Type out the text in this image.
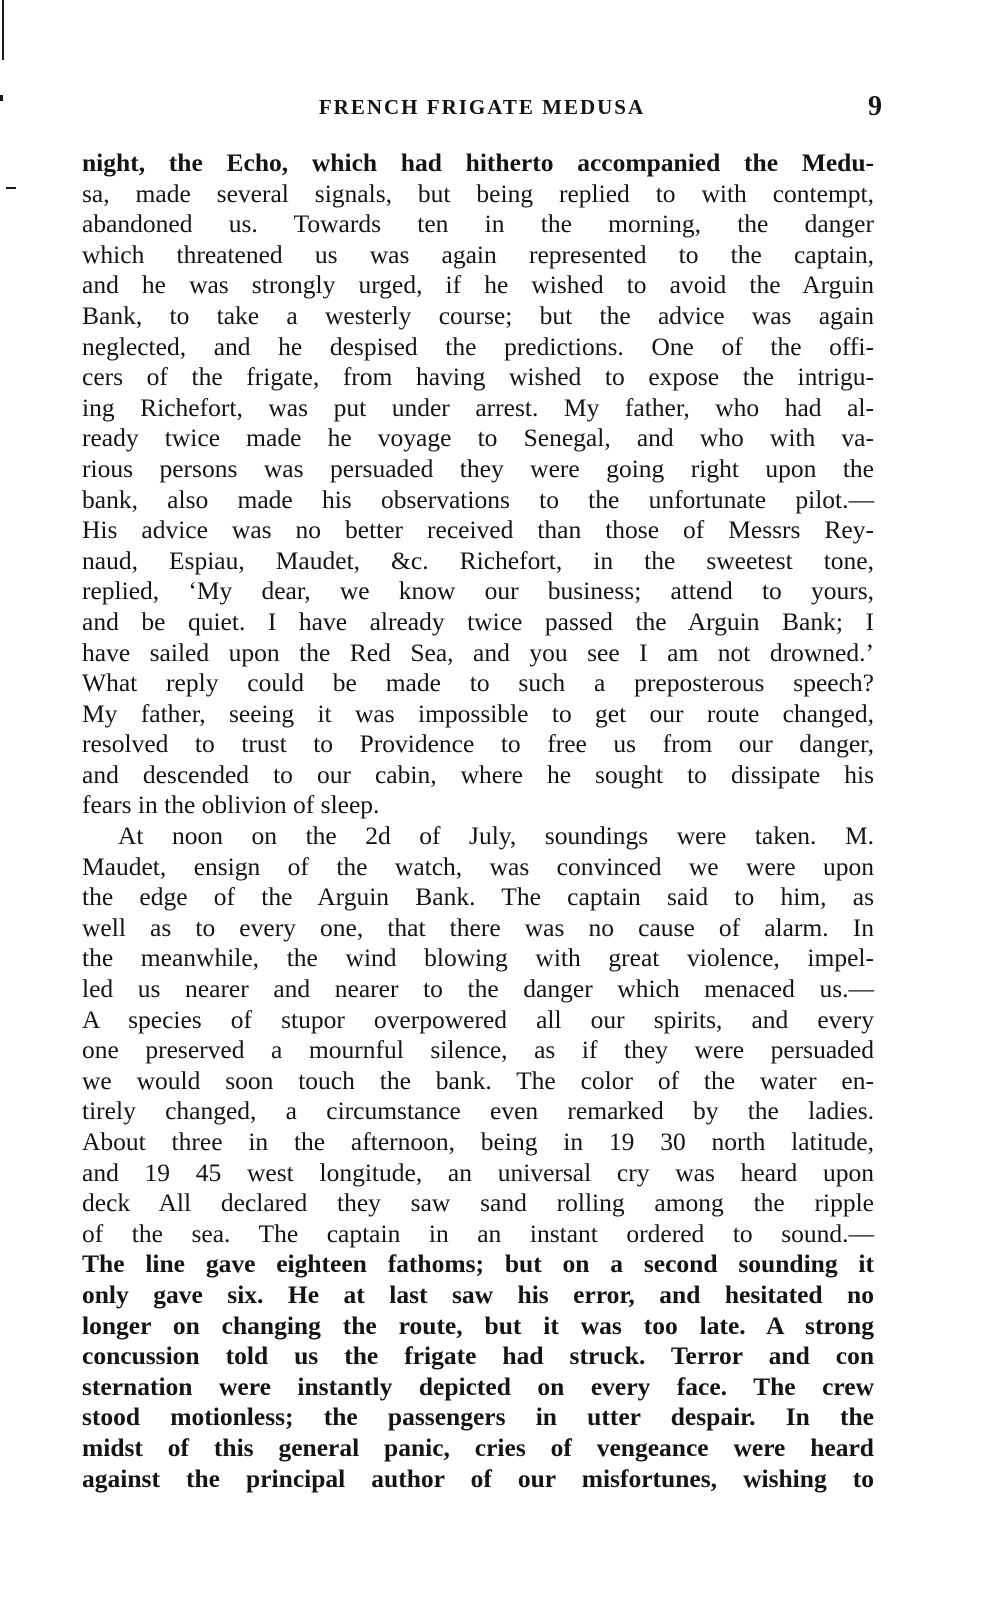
FRENCH FRIGATE MEDUSA	9
night, the Echo, which had hitherto accompanied the Medu-
sa, made several signals, but being replied to with contempt,
abandoned us. Towards ten in the morning, the danger
which threatened us was again represented to the captain,
and he was strongly urged, if he wished to avoid the Arguin
Bank, to take a westerly course; but the advice was again
neglected, and he despised the predictions. One of the offi-
cers of the frigate, from having wished to expose the intrigu-
ing Richefort, was put under arrest. My father, who had al-
ready twice made he voyage to Senegal, and who with va-
rious persons was persuaded they were going right upon the
bank, also made his observations to the unfortunate pilot.—
His advice was no better received than those of Messrs Rey-
naud, Espiau, Maudet, &c. Richefort, in the sweetest tone,
replied, ‘My dear, we know our business; attend to yours,
and be quiet. I have already twice passed the Arguin Bank; I
have sailed upon the Red Sea, and you see I am not drowned.’
What reply could be made to such a preposterous speech?
My father, seeing it was impossible to get our route changed,
resolved to trust to Providence to free us from our danger,
and descended to our cabin, where he sought to dissipate his
fears in the oblivion of sleep.
At noon on the 2d of July, soundings were taken. M.
Maudet, ensign of the watch, was convinced we were upon
the edge of the Arguin Bank. The captain said to him, as
well as to every one, that there was no cause of alarm. In
the meanwhile, the wind blowing with great violence, impel-
led us nearer and nearer to the danger which menaced us.—
A species of stupor overpowered all our spirits, and every
one preserved a mournful silence, as if they were persuaded
we would soon touch the bank. The color of the water en-
tirely changed, a circumstance even remarked by the ladies.
About three in the afternoon, being in 19 30 north latitude,
and 19 45 west longitude, an universal cry was heard upon
deck All declared they saw sand rolling among the ripple
of the sea. The captain in an instant ordered to sound.—
The line gave eighteen fathoms; but on a second sounding it
only gave six. He at last saw his error, and hesitated no
longer on changing the route, but it was too late. A strong
concussion told us the frigate had struck. Terror and con
sternation were instantly depicted on every face. The crew
stood motionless; the passengers in utter despair. In the
midst of this general panic, cries of vengeance were heard
against the principal author of our misfortunes, wishing to
